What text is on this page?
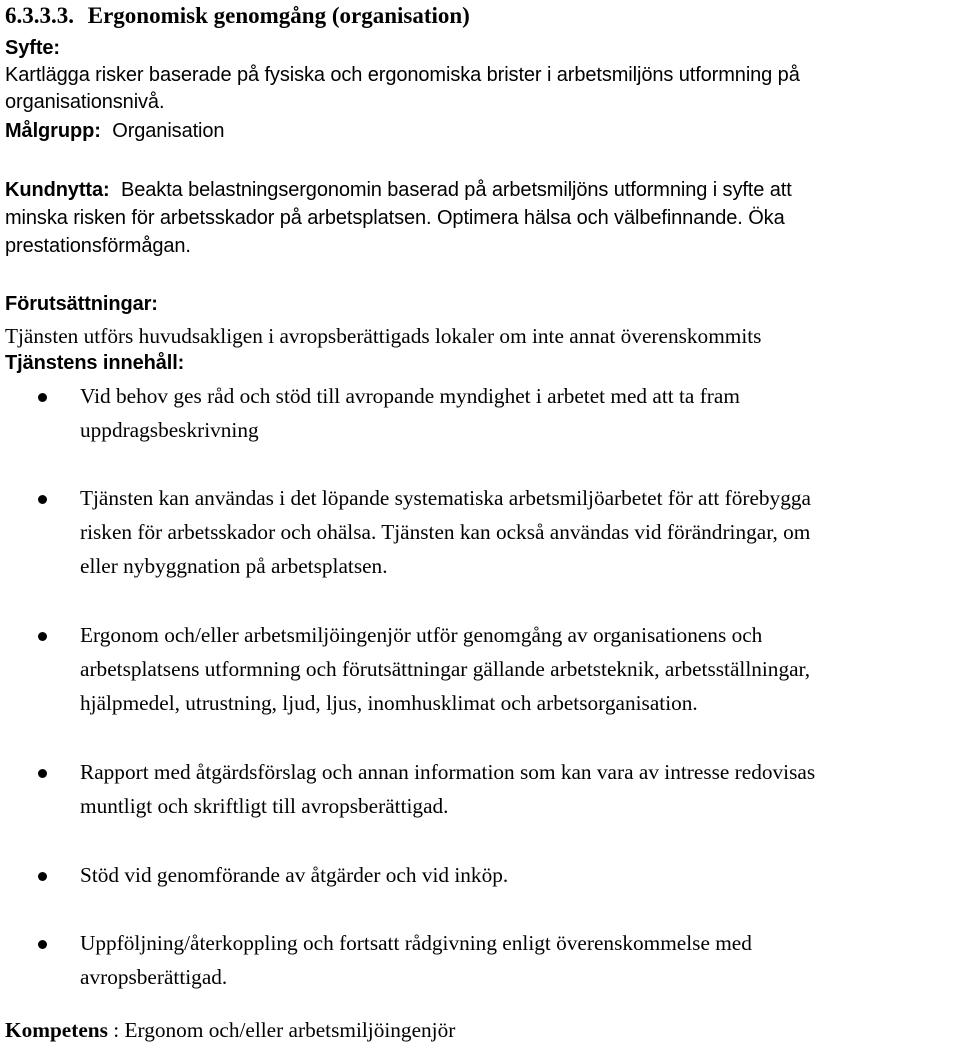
6.3.3.3. Ergonomisk genomgång (organisation)
Syfte:
Kartlägga risker baserade på fysiska och ergonomiska brister i arbetsmiljöns utformning på
organisationsnivå.
Målgrupp: Organisation
Kundnytta: Beakta belastningsergonomin baserad på arbetsmiljöns utformning i syfte att
minska risken för arbetsskador på arbetsplatsen. Optimera hälsa och välbefinnande. Öka
prestationsförmågan.
Förutsättningar:
Tjänsten utförs huvudsakligen i avropsberättigads lokaler om inte annat överenskommits
Tjänstens innehåll:
Vid behov ges råd och stöd till avropande myndighet i arbetet med att ta fram
uppdragsbeskrivning
Tjänsten kan användas i det löpande systematiska arbetsmiljöarbetet för att förebygga
risken för arbetsskador och ohälsa. Tjänsten kan också användas vid förändringar, om
eller nybyggnation på arbetsplatsen.
Ergonom och/eller arbetsmiljöingenjör utför genomgång av organisationens och
arbetsplatsens utformning och förutsättningar gällande arbetsteknik, arbetsställningar,
hjälpmedel, utrustning, ljud, ljus, inomhusklimat och arbetsorganisation.
Rapport med åtgärdsförslag och annan information som kan vara av intresse redovisas
muntligt och skriftligt till avropsberättigad.
Stöd vid genomförande av åtgärder och vid inköp.
Uppföljning/återkoppling och fortsatt rådgivning enligt överenskommelse med
avropsberättigad.
Kompetens : Ergonom och/eller arbetsmiljöingenjör
